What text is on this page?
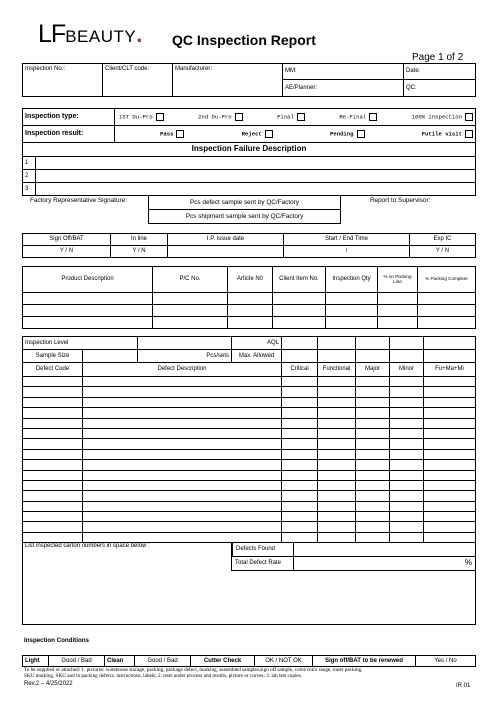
LFBEAUTY. QC Inspection Report
Page 1 of 2
Inspection No.:	Client/CLT code:	Manufacturer:	MM:	Date:
			AE/Planner:	QC:
Inspection type:	1ST Du-Pro 2nd Du-Pro Final Re-Final 100% inspection

Inspection result:	Pass Reject Pending Futile visit
Inspection Failure Description	
1	
2	
3	
Factory Representative Signature:	Pcs defect sample sent by QC/Factory
Pcs shipment sample sent by QC/Factory
Report to Supervisor:
Sign Off/BAT	In line	I.P. issue date	Start / End Time	Exp IC
Y / N	Y / N		/	Y / N
Product Description	P/C No.	Article N0	Client Item No.	Inspection Qty	% on Packing Line	% Packing Complete

Inspection Level			AQL					
Sample Size		Pcs/sets	Max. Allowed					
Defect Code	Defect Description			Critical	Functional	Major	Minor	Fu+Ma+Mi

List inspected carton numbers in space below :	Defects Found
	Total Defect Rate %

Inspection Conditions
Light	Good / Bad	Clean	Good / Bad	Cutter Check	OK / NOT OK	Sign off/BAT to be renewed	Yes / No
To be supplied or attached: 1. pictures: warehouse storage, packing, package defect, marking, assembled samples,sign off sample, color/color range, inner packing,
SKU marking, SKU and in packing defects, instructions, labels; 2. tests under process and results, picture or curves; 3. lab test copies.
Rev.2 – 4/25/2022	IR 01
